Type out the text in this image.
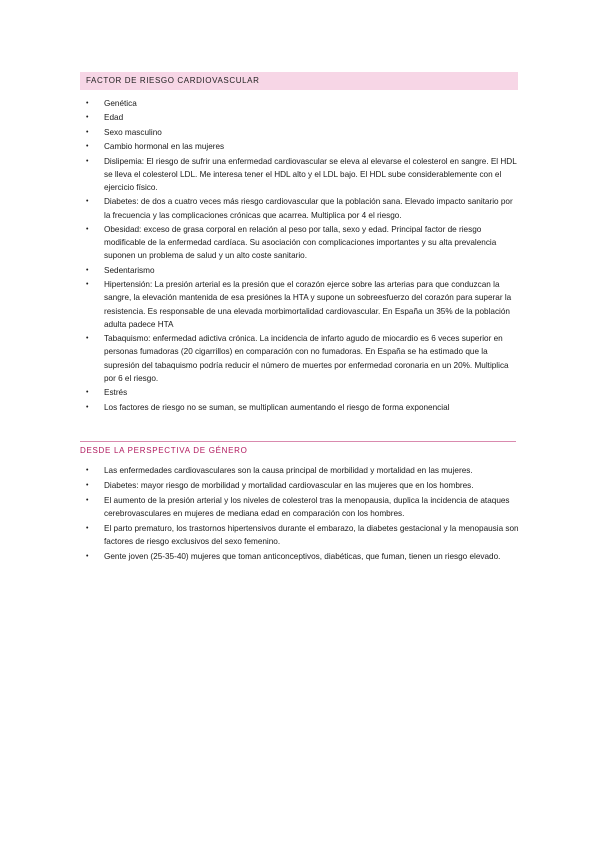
FACTOR DE RIESGO CARDIOVASCULAR
• Genética
• Edad
• Sexo masculino
• Cambio hormonal en las mujeres
• Dislipemia: El riesgo de sufrir una enfermedad cardiovascular se eleva al elevarse el colesterol en sangre. El HDL se lleva el colesterol LDL. Me interesa tener el HDL alto y el LDL bajo. El HDL sube considerablemente con el ejercicio físico.
• Diabetes: de dos a cuatro veces más riesgo cardiovascular que la población sana. Elevado impacto sanitario por la frecuencia y las complicaciones crónicas que acarrea. Multiplica por 4 el riesgo.
• Obesidad: exceso de grasa corporal en relación al peso por talla, sexo y edad. Principal factor de riesgo modificable de la enfermedad cardíaca. Su asociación con complicaciones importantes y su alta prevalencia suponen un problema de salud y un alto coste sanitario.
• Sedentarismo
• Hipertensión: La presión arterial es la presión que el corazón ejerce sobre las arterias para que conduzcan la sangre, la elevación mantenida de esa presiónes la HTA y supone un sobreesfuerzo del corazón para superar la resistencia. Es responsable de una elevada morbimortalidad cardiovascular. En España un 35% de la población adulta padece HTA
• Tabaquismo: enfermedad adictiva crónica. La incidencia de infarto agudo de miocardio es 6 veces superior en personas fumadoras (20 cigarrillos) en comparación con no fumadoras. En España se ha estimado que la supresión del tabaquismo podría reducir el número de muertes por enfermedad coronaria en un 20%. Multiplica por 6 el riesgo.
• Estrés
• Los factores de riesgo no se suman, se multiplican aumentando el riesgo de forma exponencial
DESDE LA PERSPECTIVA DE GÉNERO
• Las enfermedades cardiovasculares son la causa principal de morbilidad y mortalidad en las mujeres.
• Diabetes: mayor riesgo de morbilidad y mortalidad cardiovascular en las mujeres que en los hombres.
• El aumento de la presión arterial y los niveles de colesterol tras la menopausia, duplica la incidencia de ataques cerebrovasculares en mujeres de mediana edad en comparación con los hombres.
• El parto prematuro, los trastornos hipertensivos durante el embarazo, la diabetes gestacional y la menopausia son factores de riesgo exclusivos del sexo femenino.
• Gente joven (25-35-40) mujeres que toman anticonceptivos, diabéticas, que fuman, tienen un riesgo elevado.
